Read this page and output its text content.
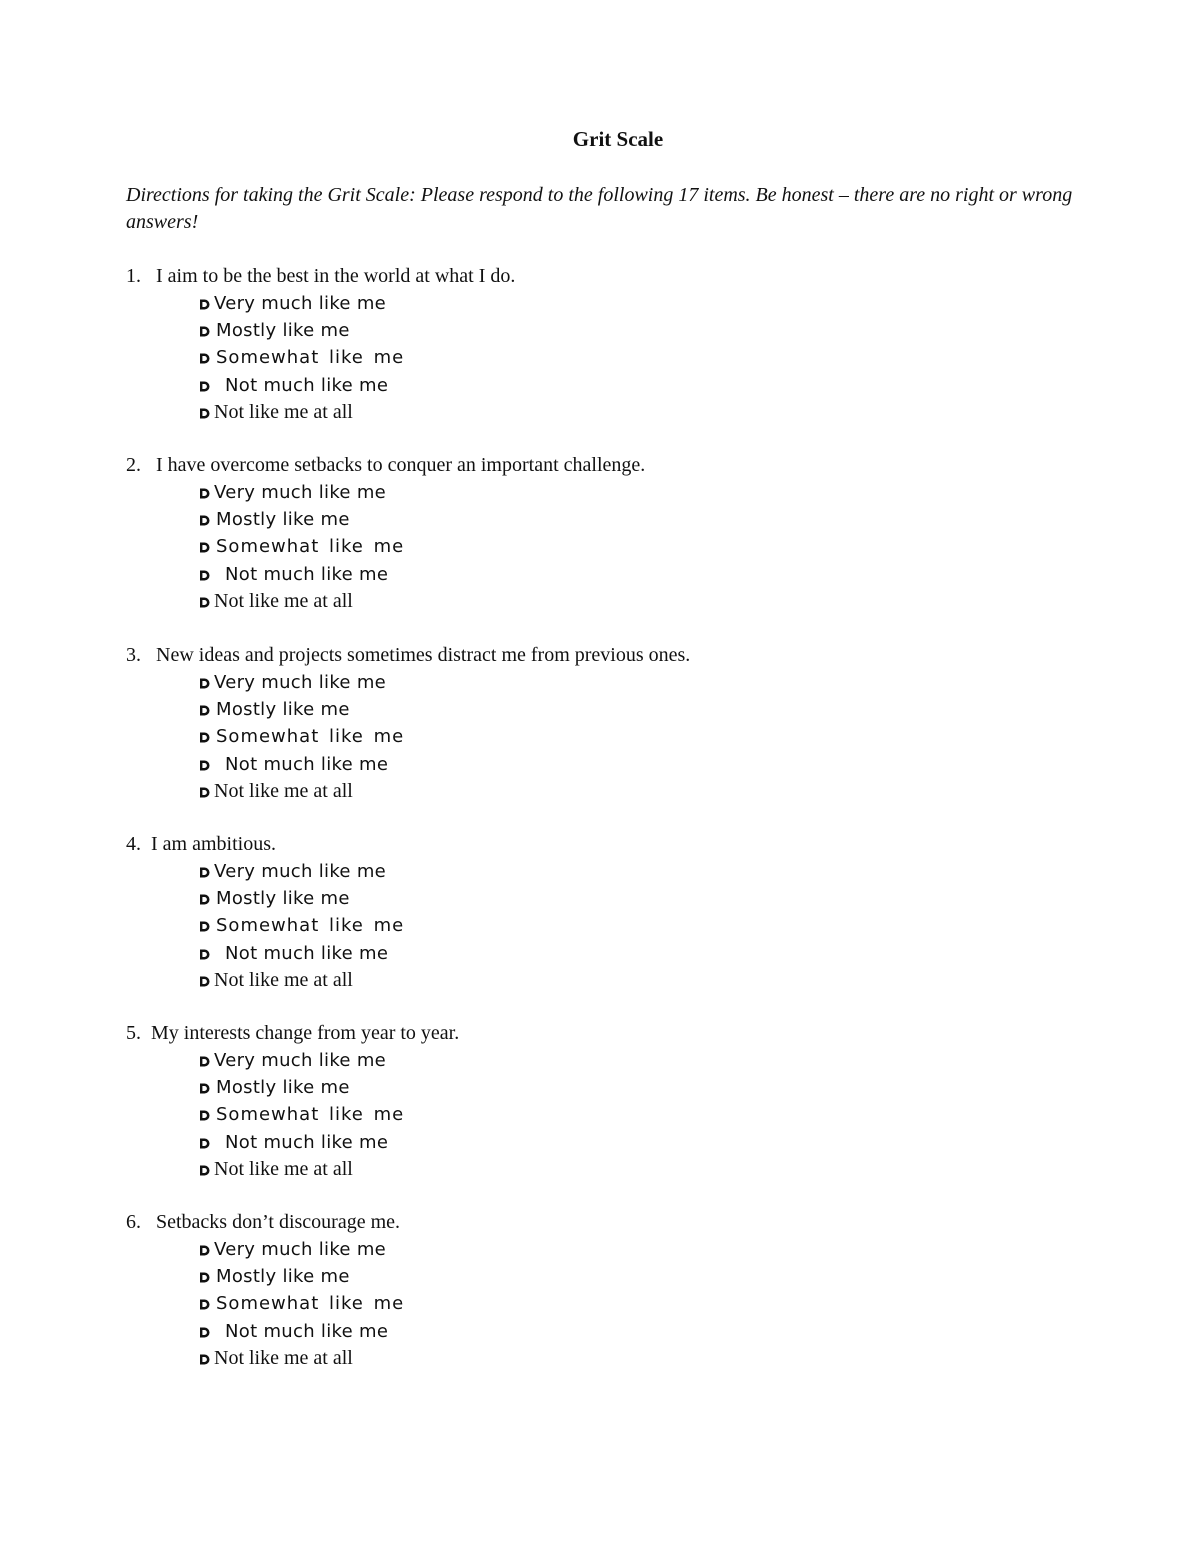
Grit Scale
Directions for taking the Grit Scale: Please respond to the following 17 items. Be honest – there are no right or wrong answers!
1. I aim to be the best in the world at what I do.
Very much like me
Mostly like me
Somewhat like me
Not much like me
Not like me at all
2. I have overcome setbacks to conquer an important challenge.
Very much like me
Mostly like me
Somewhat like me
Not much like me
Not like me at all
3. New ideas and projects sometimes distract me from previous ones.
Very much like me
Mostly like me
Somewhat like me
Not much like me
Not like me at all
4. I am ambitious.
Very much like me
Mostly like me
Somewhat like me
Not much like me
Not like me at all
5. My interests change from year to year.
Very much like me
Mostly like me
Somewhat like me
Not much like me
Not like me at all
6. Setbacks don’t discourage me.
Very much like me
Mostly like me
Somewhat like me
Not much like me
Not like me at all
